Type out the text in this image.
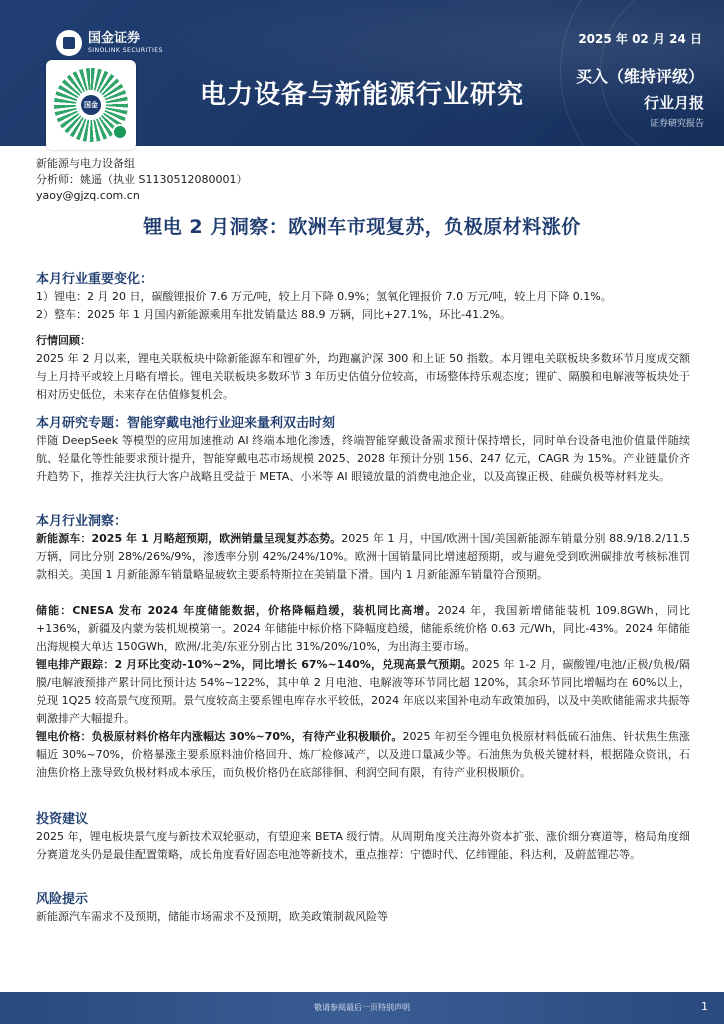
国金证券
SINOLINK SECURITIES
国金	电力设备与新能源行业研究
2025 年 02 月 24 日
买入（维持评级）
行业月报
证券研究报告
新能源与电力设备组
分析师：姚遥（执业 S1130512080001）
yaoy@gjzq.com.cn
锂电 2 月洞察：欧洲车市现复苏，负极原材料涨价
本月行业重要变化：
1）锂电：2 月 20 日，碳酸锂报价 7.6 万元/吨，较上月下降 0.9%；氢氧化锂报价 7.0 万元/吨，较上月下降 0.1%。
2）整车：2025 年 1 月国内新能源乘用车批发销量达 88.9 万辆，同比+27.1%，环比-41.2%。
行情回顾：
2025 年 2 月以来，锂电关联板块中除新能源车和锂矿外，均跑赢沪深 300 和上证 50 指数。本月锂电关联板块多数环节月度成交额与上月持平或较上月略有增长。锂电关联板块多数环节 3 年历史估值分位较高，市场整体持乐观态度；锂矿、隔膜和电解液等板块处于相对历史低位，未来存在估值修复机会。
本月研究专题：智能穿戴电池行业迎来量利双击时刻
伴随 DeepSeek 等模型的应用加速推动 AI 终端本地化渗透，终端智能穿戴设备需求预计保持增长，同时单台设备电池价值量伴随续航、轻量化等性能要求预计提升，智能穿戴电芯市场规模 2025、2028 年预计分别 156、247 亿元，CAGR 为 15%。产业链量价齐升趋势下，推荐关注执行大客户战略且受益于 META、小米等 AI 眼镜放量的消费电池企业，以及高镍正极、硅碳负极等材料龙头。
本月行业洞察：
新能源车：2025 年 1 月略超预期，欧洲销量呈现复苏态势。2025 年 1 月，中国/欧洲十国/美国新能源车销量分别 88.9/18.2/11.5 万辆，同比分别 28%/26%/9%，渗透率分别 42%/24%/10%。欧洲十国销量同比增速超预期，或与避免受到欧洲碳排放考核标准罚款相关。美国 1 月新能源车销量略显疲软主要系特斯拉在美销量下滑。国内 1 月新能源车销量符合预期。
储能：CNESA 发布 2024 年度储能数据，价格降幅趋缓，装机同比高增。2024 年，我国新增储能装机 109.8GWh，同比+136%，新疆及内蒙为装机规模第一。2024 年储能中标价格下降幅度趋缓，储能系统价格 0.63 元/Wh，同比-43%。2024 年储能出海规模大单达 150GWh，欧洲/北美/东亚分别占比 31%/20%/10%，为出海主要市场。
锂电排产跟踪：2 月环比变动-10%~2%，同比增长 67%~140%，兑现高景气预期。2025 年 1-2 月，碳酸锂/电池/正极/负极/隔膜/电解液预排产累计同比预计达 54%~122%，其中单 2 月电池、电解液等环节同比超 120%，其余环节同比增幅均在 60%以上，兑现 1Q25 较高景气度预期。景气度较高主要系锂电库存水平较低，2024 年底以来国补电动车政策加码，以及中美欧储能需求共振等刺激排产大幅提升。
锂电价格：负极原材料价格年内涨幅达 30%~70%，有待产业积极顺价。2025 年初至今锂电负极原材料低硫石油焦、针状焦生焦涨幅近 30%~70%，价格暴涨主要系原料油价格回升、炼厂检修减产，以及进口量减少等。石油焦为负极关键材料，根据隆众资讯，石油焦价格上涨导致负极材料成本承压，而负极价格仍在底部徘徊、利润空间有限，有待产业积极顺价。
投资建议
2025 年，锂电板块景气度与新技术双轮驱动，有望迎来 BETA 级行情。从周期角度关注海外资本扩张、涨价细分赛道等，格局角度细分赛道龙头仍是最佳配置策略，成长角度看好固态电池等新技术，重点推荐：宁德时代、亿纬锂能、科达利，及蔚蓝锂芯等。
风险提示
新能源汽车需求不及预期，储能市场需求不及预期，欧美政策制裁风险等
敬请参阅最后一页特别声明	1
